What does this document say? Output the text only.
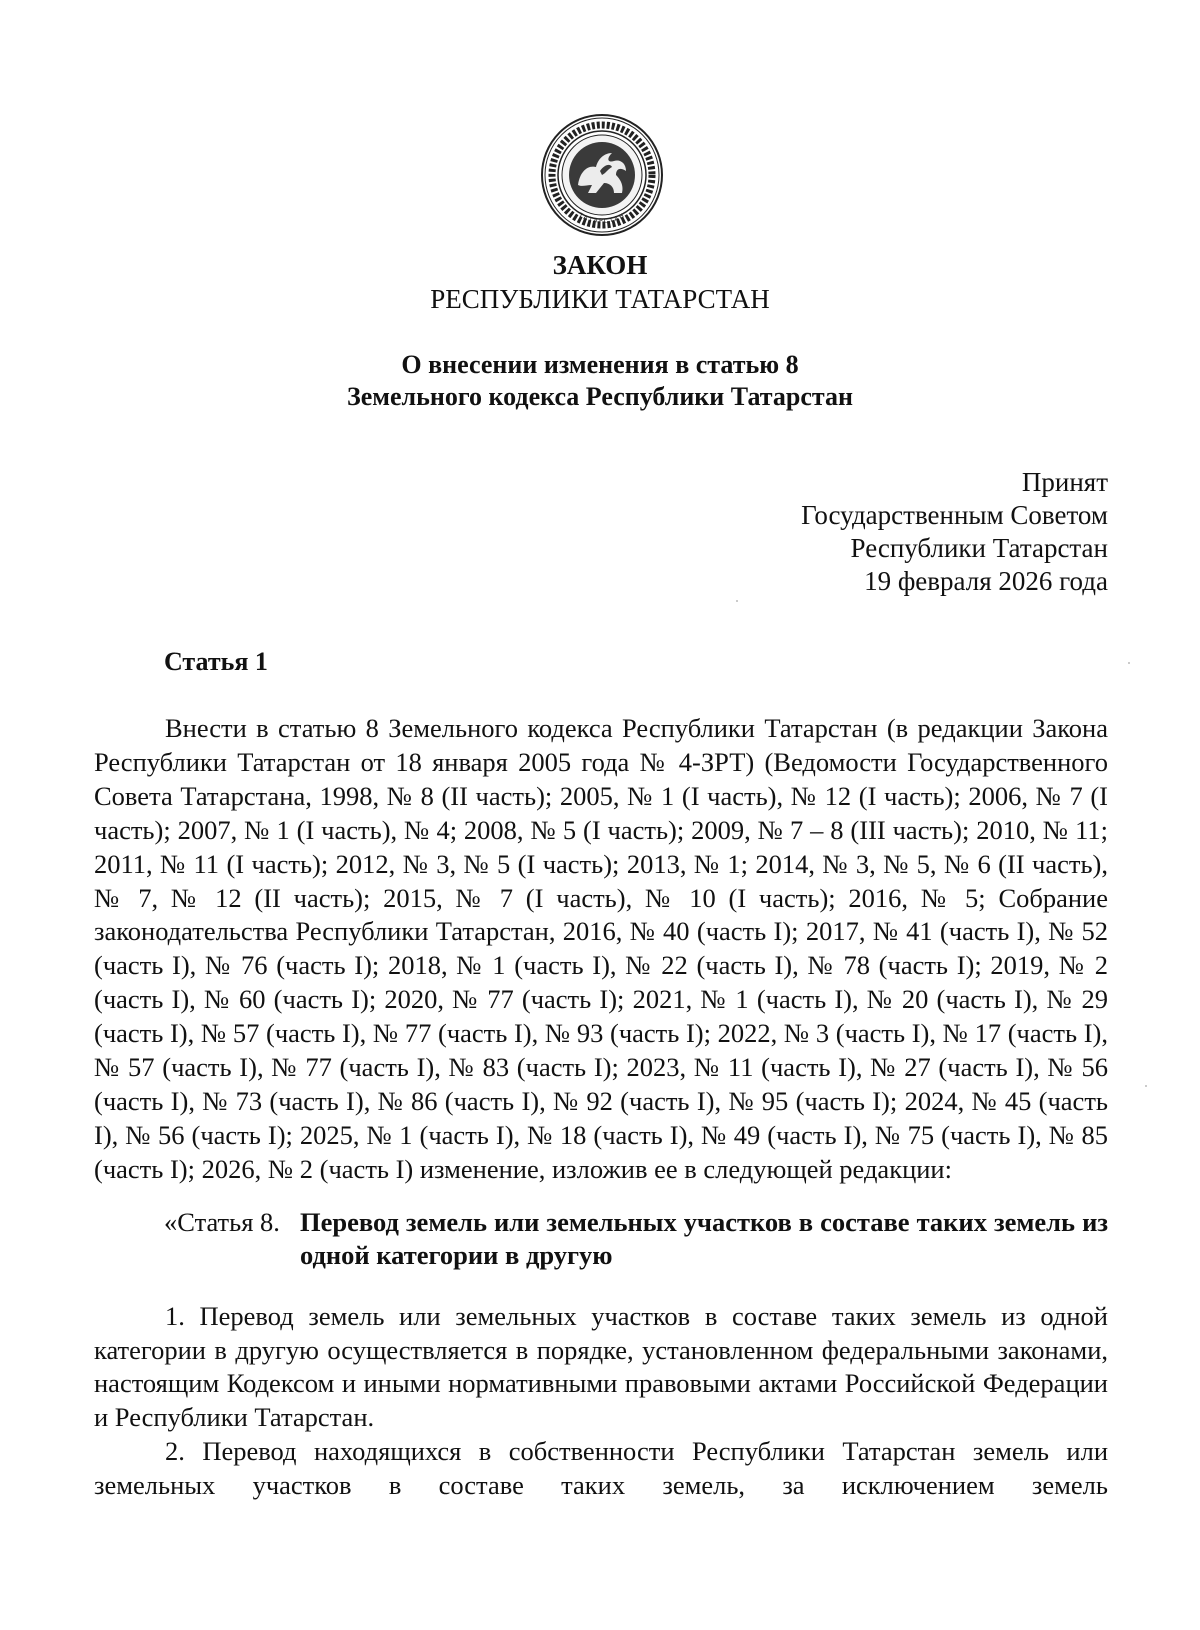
ТАТАРСТАН
ЗАКОН
РЕСПУБЛИКИ ТАТАРСТАН
О внесении изменения в статью 8
Земельного кодекса Республики Татарстан
Принят
Государственным Советом
Республики Татарстан
19 февраля 2026 года
Статья 1
Внести в статью 8 Земельного кодекса Республики Татарстан (в редакции Закона Республики Татарстан от 18 января 2005 года № 4-ЗРТ) (Ведомости Государственного Совета Татарстана, 1998, № 8 (II часть); 2005, № 1 (I часть), № 12 (I часть); 2006, № 7 (I часть); 2007, № 1 (I часть), № 4; 2008, № 5 (I часть); 2009, № 7 – 8 (III часть); 2010, № 11; 2011, № 11 (I часть); 2012, № 3, № 5 (I часть); 2013, № 1; 2014, № 3, № 5, № 6 (II часть), № 7, № 12 (II часть); 2015, № 7 (I часть), № 10 (I часть); 2016, № 5; Собрание законодательства Республики Татарстан, 2016, № 40 (часть I); 2017, № 41 (часть I), № 52 (часть I), № 76 (часть I); 2018, № 1 (часть I), № 22 (часть I), № 78 (часть I); 2019, № 2 (часть I), № 60 (часть I); 2020, № 77 (часть I); 2021, № 1 (часть I), № 20 (часть I), № 29 (часть I), № 57 (часть I), № 77 (часть I), № 93 (часть I); 2022, № 3 (часть I), № 17 (часть I), № 57 (часть I), № 77 (часть I), № 83 (часть I); 2023, № 11 (часть I), № 27 (часть I), № 56 (часть I), № 73 (часть I), № 86 (часть I), № 92 (часть I), № 95 (часть I); 2024, № 45 (часть I), № 56 (часть I); 2025, № 1 (часть I), № 18 (часть I), № 49 (часть I), № 75 (часть I), № 85 (часть I); 2026, № 2 (часть I) изменение, изложив ее в следующей редакции:
«Статья 8. Перевод земель или земельных участков в составе таких земель из одной категории в другую

1. Перевод земель или земельных участков в составе таких земель из одной категории в другую осуществляется в порядке, установленном федеральными законами, настоящим Кодексом и иными нормативными правовыми актами Российской Федерации и Республики Татарстан.

2. Перевод находящихся в собственности Республики Татарстан земель или земельных участков в составе таких земель, за исключением земель
